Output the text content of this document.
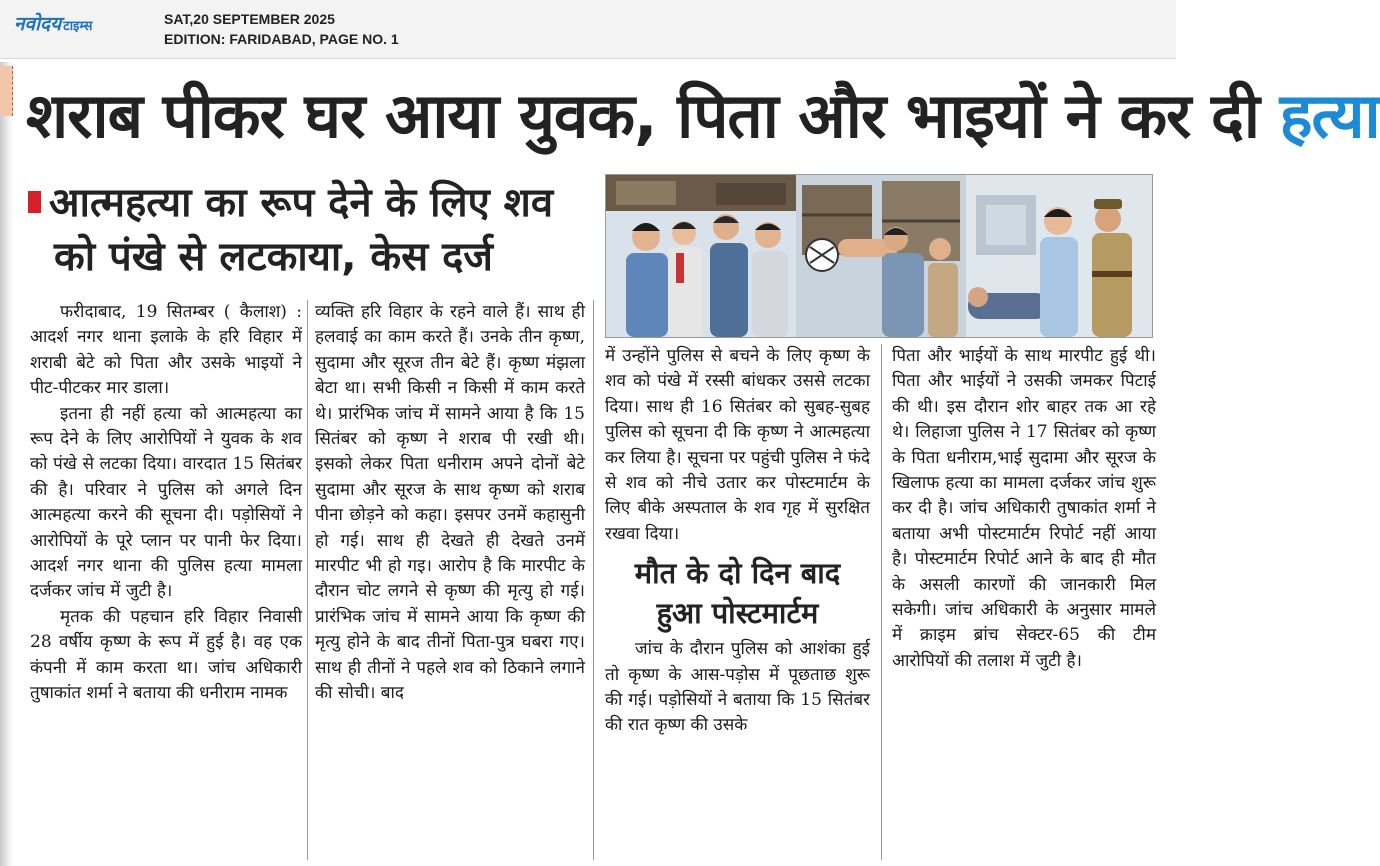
नवोदय टाइम्स	SAT,20 SEPTEMBER 2025
EDITION: FARIDABAD, PAGE NO. 1
शराब पीकर घर आया युवक, पिता और भाइयों ने कर दी हत्या
आत्महत्या का रूप देने के लिए शव
को पंखे से लटकाया, केस दर्ज

फरीदाबाद, 19 सितम्बर ( कैलाश) : आदर्श नगर थाना इलाके के हरि विहार में शराबी बेटे को पिता और उसके भाइयों ने पीट-पीटकर मार डाला।

इतना ही नहीं हत्या को आत्महत्या का रूप देने के लिए आरोपियों ने युवक के शव को पंखे से लटका दिया। वारदात 15 सितंबर की है। परिवार ने पुलिस को अगले दिन आत्महत्या करने की सूचना दी। पड़ोसियों ने आरोपियों के पूरे प्लान पर पानी फेर दिया। आदर्श नगर थाना की पुलिस हत्या मामला दर्जकर जांच में जुटी है।

मृतक की पहचान हरि विहार निवासी 28 वर्षीय कृष्ण के रूप में हुई है। वह एक कंपनी में काम करता था। जांच अधिकारी तुषाकांत शर्मा ने बताया की धनीराम नामक

व्यक्ति हरि विहार के रहने वाले हैं। साथ ही हलवाई का काम करते हैं। उनके तीन कृष्ण, सुदामा और सूरज तीन बेटे हैं। कृष्ण मंझला बेटा था। सभी किसी न किसी में काम करते थे। प्रारंभिक जांच में सामने आया है कि 15 सितंबर को कृष्ण ने शराब पी रखी थी। इसको लेकर पिता धनीराम अपने दोनों बेटे सुदामा और सूरज के साथ कृष्ण को शराब पीना छोड़ने को कहा। इसपर उनमें कहासुनी हो गई। साथ ही देखते ही देखते उनमें मारपीट भी हो गइ। आरोप है कि मारपीट के दौरान चोट लगने से कृष्ण की मृत्यु हो गई। प्रारंभिक जांच में सामने आया कि कृष्ण की मृत्यु होने के बाद तीनों पिता-पुत्र घबरा गए। साथ ही तीनों ने पहले शव को ठिकाने लगाने की सोची। बाद

में उन्होंने पुलिस से बचने के लिए कृष्ण के शव को पंखे में रस्सी बांधकर उससे लटका दिया। साथ ही 16 सितंबर को सुबह-सुबह पुलिस को सूचना दी कि कृष्ण ने आत्महत्या कर लिया है। सूचना पर पहुंची पुलिस ने फंदे से शव को नीचे उतार कर पोस्टमार्टम के लिए बीके अस्पताल के शव गृह में सुरक्षित रखवा दिया।

मौत के दो दिन बाद
हुआ पोस्टमार्टम

जांच के दौरान पुलिस को आशंका हुई तो कृष्ण के आस-पड़ोस में पूछताछ शुरू की गई। पड़ोसियों ने बताया कि 15 सितंबर की रात कृष्ण की उसके

पिता और भाईयों के साथ मारपीट हुई थी। पिता और भाईयों ने उसकी जमकर पिटाई की थी। इस दौरान शोर बाहर तक आ रहे थे। लिहाजा पुलिस ने 17 सितंबर को कृष्ण के पिता धनीराम,भाई सुदामा और सूरज के खिलाफ हत्या का मामला दर्जकर जांच शुरू कर दी है। जांच अधिकारी तुषाकांत शर्मा ने बताया अभी पोस्टमार्टम रिपोर्ट नहीं आया है। पोस्टमार्टम रिपोर्ट आने के बाद ही मौत के असली कारणों की जानकारी मिल सकेगी। जांच अधिकारी के अनुसार मामले में क्राइम ब्रांच सेक्टर-65 की टीम आरोपियों की तलाश में जुटी है।
